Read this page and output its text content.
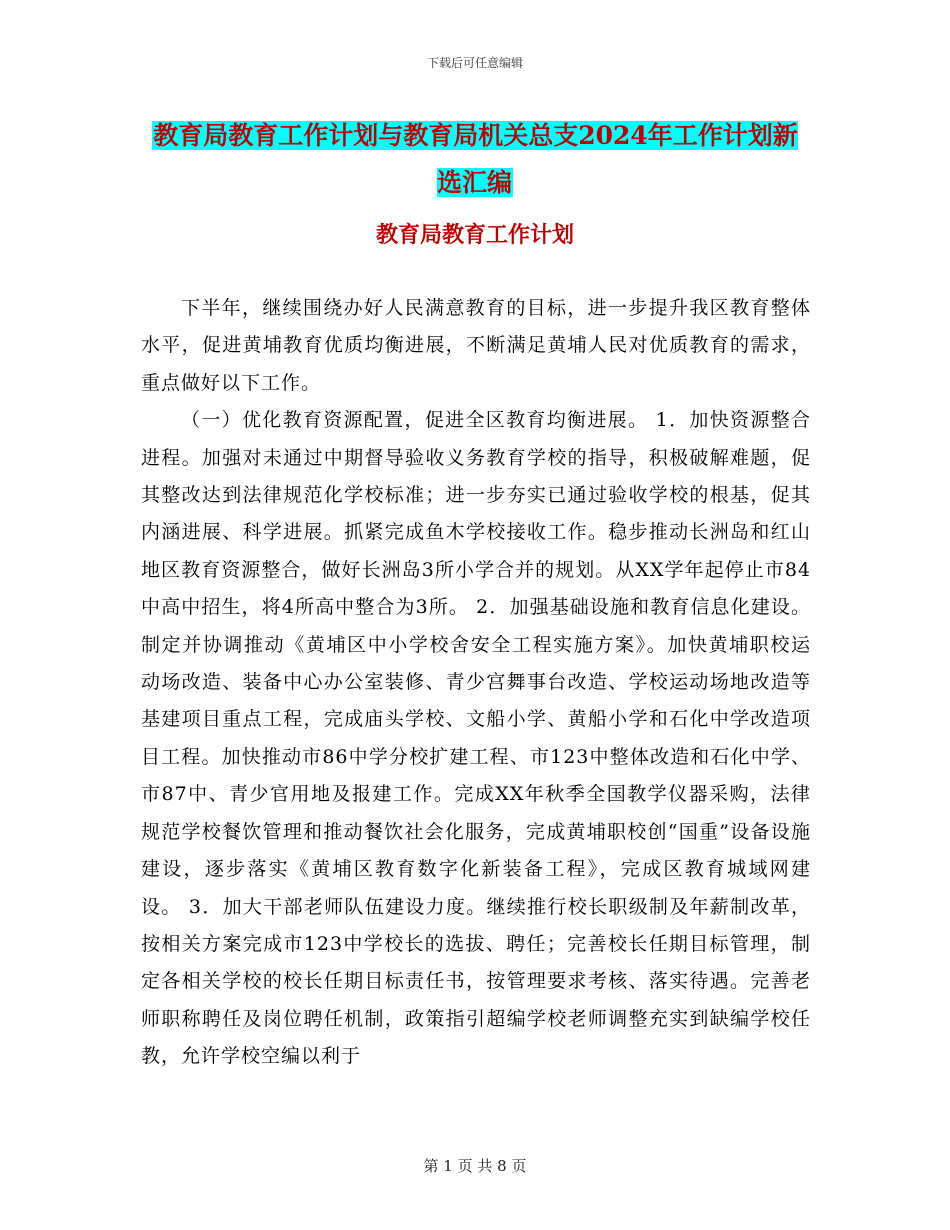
下载后可任意编辑
教育局教育工作计划与教育局机关总支2024年工作计划新选汇编
教育局教育工作计划

下半年，继续围绕办好人民满意教育的目标，进一步提升我区教育整体水平，促进黄埔教育优质均衡进展，不断满足黄埔人民对优质教育的需求，重点做好以下工作。

（一）优化教育资源配置，促进全区教育均衡进展。 1．加快资源整合进程。加强对未通过中期督导验收义务教育学校的指导，积极破解难题，促其整改达到法律规范化学校标准；进一步夯实已通过验收学校的根基，促其内涵进展、科学进展。抓紧完成鱼木学校接收工作。稳步推动长洲岛和红山地区教育资源整合，做好长洲岛3所小学合并的规划。从XX学年起停止市84中高中招生，将4所高中整合为3所。 2．加强基础设施和教育信息化建设。制定并协调推动《黄埔区中小学校舍安全工程实施方案》。加快黄埔职校运动场改造、装备中心办公室装修、青少宫舞事台改造、学校运动场地改造等基建项目重点工程，完成庙头学校、文船小学、黄船小学和石化中学改造项目工程。加快推动市86中学分校扩建工程、市123中整体改造和石化中学、市87中、青少官用地及报建工作。完成XX年秋季全国教学仪器采购，法律规范学校餐饮管理和推动餐饮社会化服务，完成黄埔职校创“国重”设备设施建设，逐步落实《黄埔区教育数字化新装备工程》，完成区教育城域网建设。 3．加大干部老师队伍建设力度。继续推行校长职级制及年薪制改革，按相关方案完成市123中学校长的选拔、聘任；完善校长任期目标管理，制定各相关学校的校长任期目标责任书，按管理要求考核、落实待遇。完善老师职称聘任及岗位聘任机制，政策指引超编学校老师调整充实到缺编学校任教，允许学校空编以利于

第 1 页 共 8 页
